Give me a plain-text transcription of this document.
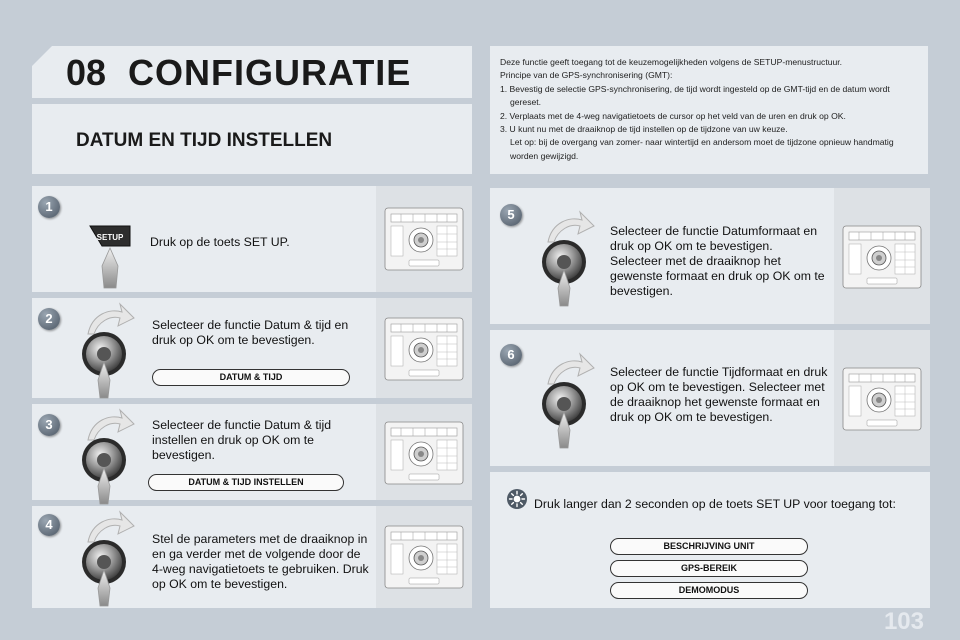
08 CONFIGURATIE
DATUM EN TIJD INSTELLEN
Deze functie geeft toegang tot de keuzemogelijkheden volgens de SETUP-menustructuur.
Principe van de GPS-synchronisering (GMT):
1. Bevestig de selectie GPS-synchronisering, de tijd wordt ingesteld op de GMT-tijd en de datum wordt gereset.
2. Verplaats met de 4-weg navigatietoets de cursor op het veld van de uren en druk op OK.
3. U kunt nu met de draaiknop de tijd instellen op de tijdzone van uw keuze.
Let op: bij de overgang van zomer- naar wintertijd en andersom moet de tijdzone opnieuw handmatig worden gewijzigd.
1
SETUP Druk op de toets SET UP.
2	Selecteer de functie Datum & tijd en druk op OK om te bevestigen.
DATUM & TIJD
3	Selecteer de functie Datum & tijd instellen en druk op OK om te bevestigen.
DATUM & TIJD INSTELLEN
4
Stel de parameters met de draaiknop in en ga verder met de volgende door de 4-weg navigatietoets te gebruiken. Druk op OK om te bevestigen.
5
Selecteer de functie Datumformaat en druk op OK om te bevestigen. Selecteer met de draaiknop het gewenste formaat en druk op OK om te bevestigen.
6
Selecteer de functie Tijdformaat en druk op OK om te bevestigen. Selecteer met de draaiknop het gewenste formaat en druk op OK om te bevestigen.
Druk langer dan 2 seconden op de toets SET UP voor toegang tot:
BESCHRIJVING UNIT
GPS-BEREIK
DEMOMODUS
103
